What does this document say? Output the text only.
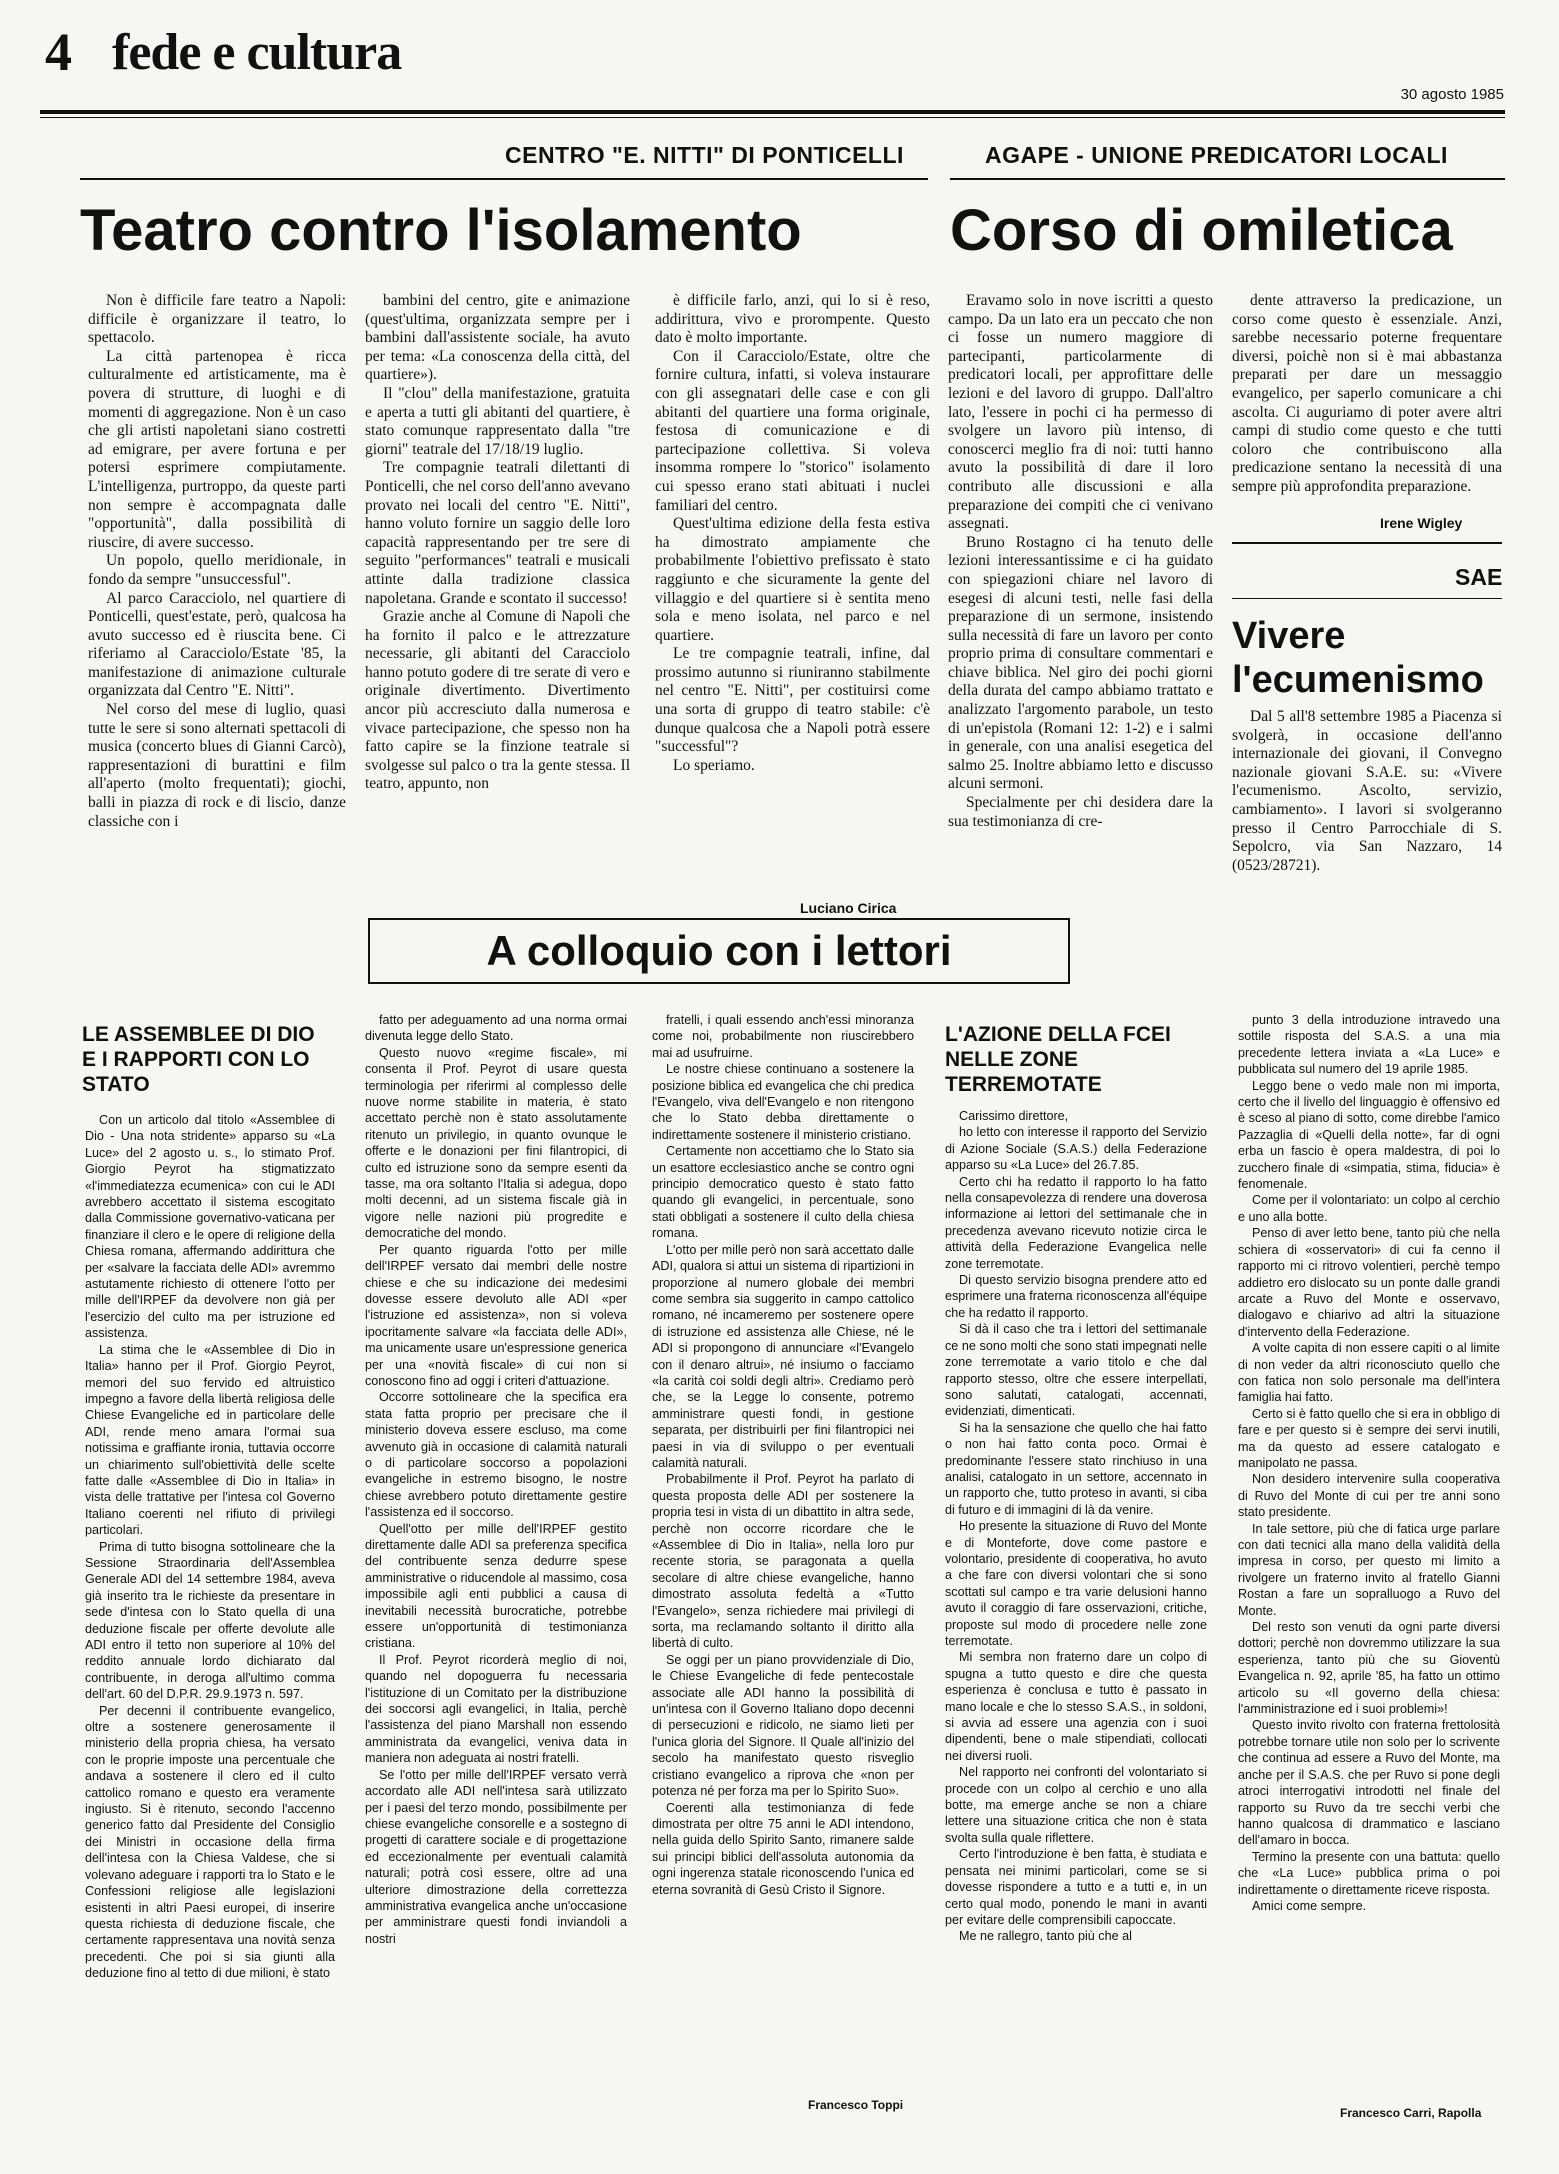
4 fede e cultura
30 agosto 1985
CENTRO "E. NITTI" DI PONTICELLI
Teatro contro l'isolamento

Non è difficile fare teatro a Napoli: difficile è organizzare il teatro, lo spettacolo.

La città partenopea è ricca culturalmente ed artisticamente, ma è povera di strutture, di luoghi e di momenti di aggregazione. Non è un caso che gli artisti napoletani siano costretti ad emigrare, per avere fortuna e per potersi esprimere compiutamente. L'intelligenza, purtroppo, da queste parti non sempre è accompagnata dalle "opportunità", dalla possibilità di riuscire, di avere successo.

Un popolo, quello meridionale, in fondo da sempre "unsuccessful".

Al parco Caracciolo, nel quartiere di Ponticelli, quest'estate, però, qualcosa ha avuto successo ed è riuscita bene. Ci riferiamo al Caracciolo/Estate '85, la manifestazione di animazione culturale organizzata dal Centro "E. Nitti".

Nel corso del mese di luglio, quasi tutte le sere si sono alternati spettacoli di musica (concerto blues di Gianni Carcò), rappresentazioni di burattini e film all'aperto (molto frequentati); giochi, balli in piazza di rock e di liscio, danze classiche con i

bambini del centro, gite e animazione (quest'ultima, organizzata sempre per i bambini dall'assistente sociale, ha avuto per tema: «La conoscenza della città, del quartiere»).

Il "clou" della manifestazione, gratuita e aperta a tutti gli abitanti del quartiere, è stato comunque rappresentato dalla "tre giorni" teatrale del 17/18/19 luglio.

Tre compagnie teatrali dilettanti di Ponticelli, che nel corso dell'anno avevano provato nei locali del centro "E. Nitti", hanno voluto fornire un saggio delle loro capacità rappresentando per tre sere di seguito "performances" teatrali e musicali attinte dalla tradizione classica napoletana. Grande e scontato il successo!

Grazie anche al Comune di Napoli che ha fornito il palco e le attrezzature necessarie, gli abitanti del Caracciolo hanno potuto godere di tre serate di vero e originale divertimento. Divertimento ancor più accresciuto dalla numerosa e vivace partecipazione, che spesso non ha fatto capire se la finzione teatrale si svolgesse sul palco o tra la gente stessa. Il teatro, appunto, non

è difficile farlo, anzi, qui lo si è reso, addirittura, vivo e prorompente. Questo dato è molto importante.

Con il Caracciolo/Estate, oltre che fornire cultura, infatti, si voleva instaurare con gli assegnatari delle case e con gli abitanti del quartiere una forma originale, festosa di comunicazione e di partecipazione collettiva. Si voleva insomma rompere lo "storico" isolamento cui spesso erano stati abituati i nuclei familiari del centro.

Quest'ultima edizione della festa estiva ha dimostrato ampiamente che probabilmente l'obiettivo prefissato è stato raggiunto e che sicuramente la gente del villaggio e del quartiere si è sentita meno sola e meno isolata, nel parco e nel quartiere.

Le tre compagnie teatrali, infine, dal prossimo autunno si riuniranno stabilmente nel centro "E. Nitti", per costituirsi come una sorta di gruppo di teatro stabile: c'è dunque qualcosa che a Napoli potrà essere "successful"?

Lo speriamo.

Luciano Cirica
AGAPE - UNIONE PREDICATORI LOCALI
Corso di omiletica

Eravamo solo in nove iscritti a questo campo. Da un lato era un peccato che non ci fosse un numero maggiore di partecipanti, particolarmente di predicatori locali, per approfittare delle lezioni e del lavoro di gruppo. Dall'altro lato, l'essere in pochi ci ha permesso di svolgere un lavoro più intenso, di conoscerci meglio fra di noi: tutti hanno avuto la possibilità di dare il loro contributo alle discussioni e alla preparazione dei compiti che ci venivano assegnati.

Bruno Rostagno ci ha tenuto delle lezioni interessantissime e ci ha guidato con spiegazioni chiare nel lavoro di esegesi di alcuni testi, nelle fasi della preparazione di un sermone, insistendo sulla necessità di fare un lavoro per conto proprio prima di consultare commentari e chiave biblica. Nel giro dei pochi giorni della durata del campo abbiamo trattato e analizzato l'argomento parabole, un testo di un'epistola (Romani 12: 1-2) e i salmi in generale, con una analisi esegetica del salmo 25. Inoltre abbiamo letto e discusso alcuni sermoni.

Specialmente per chi desidera dare la sua testimonianza di cre-

dente attraverso la predicazione, un corso come questo è essenziale. Anzi, sarebbe necessario poterne frequentare diversi, poichè non si è mai abbastanza preparati per dare un messaggio evangelico, per saperlo comunicare a chi ascolta. Ci auguriamo di poter avere altri campi di studio come questo e che tutti coloro che contribuiscono alla predicazione sentano la necessità di una sempre più approfondita preparazione.

Irene Wigley
SAE
Vivere
l'ecumenismo

Dal 5 all'8 settembre 1985 a Piacenza si svolgerà, in occasione dell'anno internazionale dei giovani, il Convegno nazionale giovani S.A.E. su: «Vivere l'ecumenismo. Ascolto, servizio, cambiamento». I lavori si svolgeranno presso il Centro Parrocchiale di S. Sepolcro, via San Nazzaro, 14 (0523/28721).

A colloquio con i lettori
LE ASSEMBLEE DI DIO E I RAPPORTI CON LO STATO

Con un articolo dal titolo «Assemblee di Dio - Una nota stridente» apparso su «La Luce» del 2 agosto u. s., lo stimato Prof. Giorgio Peyrot ha stigmatizzato «l'immediatezza ecumenica» con cui le ADI avrebbero accettato il sistema escogitato dalla Commissione governativo-vaticana per finanziare il clero e le opere di religione della Chiesa romana, affermando addirittura che per «salvare la facciata delle ADI» avremmo astutamente richiesto di ottenere l'otto per mille dell'IRPEF da devolvere non già per l'esercizio del culto ma per istruzione ed assistenza.

La stima che le «Assemblee di Dio in Italia» hanno per il Prof. Giorgio Peyrot, memori del suo fervido ed altruistico impegno a favore della libertà religiosa delle Chiese Evangeliche ed in particolare delle ADI, rende meno amara l'ormai sua notissima e graffiante ironia, tuttavia occorre un chiarimento sull'obiettività delle scelte fatte dalle «Assemblee di Dio in Italia» in vista delle trattative per l'intesa col Governo Italiano coerenti nel rifiuto di privilegi particolari.

Prima di tutto bisogna sottolineare che la Sessione Straordinaria dell'Assemblea Generale ADI del 14 settembre 1984, aveva già inserito tra le richieste da presentare in sede d'intesa con lo Stato quella di una deduzione fiscale per offerte devolute alle ADI entro il tetto non superiore al 10% del reddito annuale lordo dichiarato dal contribuente, in deroga all'ultimo comma dell'art. 60 del D.P.R. 29.9.1973 n. 597.

Per decenni il contribuente evangelico, oltre a sostenere generosamente il ministerio della propria chiesa, ha versato con le proprie imposte una percentuale che andava a sostenere il clero ed il culto cattolico romano e questo era veramente ingiusto. Si è ritenuto, secondo l'accenno generico fatto dal Presidente del Consiglio dei Ministri in occasione della firma dell'intesa con la Chiesa Valdese, che si volevano adeguare i rapporti tra lo Stato e le Confessioni religiose alle legislazioni esistenti in altri Paesi europei, di inserire questa richiesta di deduzione fiscale, che certamente rappresentava una novità senza precedenti. Che poi si sia giunti alla deduzione fino al tetto di due milioni, è stato

fatto per adeguamento ad una norma ormai divenuta legge dello Stato.

Questo nuovo «regime fiscale», mi consenta il Prof. Peyrot di usare questa terminologia per riferirmi al complesso delle nuove norme stabilite in materia, è stato accettato perchè non è stato assolutamente ritenuto un privilegio, in quanto ovunque le offerte e le donazioni per fini filantropici, di culto ed istruzione sono da sempre esenti da tasse, ma ora soltanto l'Italia si adegua, dopo molti decenni, ad un sistema fiscale già in vigore nelle nazioni più progredite e democratiche del mondo.

Per quanto riguarda l'otto per mille dell'IRPEF versato dai membri delle nostre chiese e che su indicazione dei medesimi dovesse essere devoluto alle ADI «per l'istruzione ed assistenza», non si voleva ipocritamente salvare «la facciata delle ADI», ma unicamente usare un'espressione generica per una «novità fiscale» di cui non si conoscono fino ad oggi i criteri d'attuazione.

Occorre sottolineare che la specifica era stata fatta proprio per precisare che il ministerio doveva essere escluso, ma come avvenuto già in occasione di calamità naturali o di particolare soccorso a popolazioni evangeliche in estremo bisogno, le nostre chiese avrebbero potuto direttamente gestire l'assistenza ed il soccorso.

Quell'otto per mille dell'IRPEF gestito direttamente dalle ADI sa preferenza specifica del contribuente senza dedurre spese amministrative o riducendole al massimo, cosa impossibile agli enti pubblici a causa di inevitabili necessità burocratiche, potrebbe essere un'opportunità di testimonianza cristiana.

Il Prof. Peyrot ricorderà meglio di noi, quando nel dopoguerra fu necessaria l'istituzione di un Comitato per la distribuzione dei soccorsi agli evangelici, in Italia, perchè l'assistenza del piano Marshall non essendo amministrata da evangelici, veniva data in maniera non adeguata ai nostri fratelli.

Se l'otto per mille dell'IRPEF versato verrà accordato alle ADI nell'intesa sarà utilizzato per i paesi del terzo mondo, possibilmente per chiese evangeliche consorelle e a sostegno di progetti di carattere sociale e di progettazione ed eccezionalmente per eventuali calamità naturali; potrà così essere, oltre ad una ulteriore dimostrazione della correttezza amministrativa evangelica anche un'occasione per amministrare questi fondi inviandoli a nostri

fratelli, i quali essendo anch'essi minoranza come noi, probabilmente non riuscirebbero mai ad usufruirne.

Le nostre chiese continuano a sostenere la posizione biblica ed evangelica che chi predica l'Evangelo, viva dell'Evangelo e non ritengono che lo Stato debba direttamente o indirettamente sostenere il ministerio cristiano.

Certamente non accettiamo che lo Stato sia un esattore ecclesiastico anche se contro ogni principio democratico questo è stato fatto quando gli evangelici, in percentuale, sono stati obbligati a sostenere il culto della chiesa romana.

L'otto per mille però non sarà accettato dalle ADI, qualora si attui un sistema di ripartizioni in proporzione al numero globale dei membri come sembra sia suggerito in campo cattolico romano, né incameremo per sostenere opere di istruzione ed assistenza alle Chiese, né le ADI si propongono di annunciare «l'Evangelo con il denaro altrui», né insiumo o facciamo «la carità coi soldi degli altri». Crediamo però che, se la Legge lo consente, potremo amministrare questi fondi, in gestione separata, per distribuirli per fini filantropici nei paesi in via di sviluppo o per eventuali calamità naturali.

Probabilmente il Prof. Peyrot ha parlato di questa proposta delle ADI per sostenere la propria tesi in vista di un dibattito in altra sede, perchè non occorre ricordare che le «Assemblee di Dio in Italia», nella loro pur recente storia, se paragonata a quella secolare di altre chiese evangeliche, hanno dimostrato assoluta fedeltà a «Tutto l'Evangelo», senza richiedere mai privilegi di sorta, ma reclamando soltanto il diritto alla libertà di culto.

Se oggi per un piano provvidenziale di Dio, le Chiese Evangeliche di fede pentecostale associate alle ADI hanno la possibilità di un'intesa con il Governo Italiano dopo decenni di persecuzioni e ridicolo, ne siamo lieti per l'unica gloria del Signore. Il Quale all'inizio del secolo ha manifestato questo risveglio cristiano evangelico a riprova che «non per potenza né per forza ma per lo Spirito Suo».

Coerenti alla testimonianza di fede dimostrata per oltre 75 anni le ADI intendono, nella guida dello Spirito Santo, rimanere salde sui principi biblici dell'assoluta autonomia da ogni ingerenza statale riconoscendo l'unica ed eterna sovranità di Gesù Cristo il Signore.

Francesco Toppi
L'AZIONE DELLA FCEI NELLE ZONE TERREMOTATE

Carissimo direttore,

ho letto con interesse il rapporto del Servizio di Azione Sociale (S.A.S.) della Federazione apparso su «La Luce» del 26.7.85.

Certo chi ha redatto il rapporto lo ha fatto nella consapevolezza di rendere una doverosa informazione ai lettori del settimanale che in precedenza avevano ricevuto notizie circa le attività della Federazione Evangelica nelle zone terremotate.

Di questo servizio bisogna prendere atto ed esprimere una fraterna riconoscenza all'équipe che ha redatto il rapporto.

Si dà il caso che tra i lettori del settimanale ce ne sono molti che sono stati impegnati nelle zone terremotate a vario titolo e che dal rapporto stesso, oltre che essere interpellati, sono salutati, catalogati, accennati, evidenziati, dimenticati.

Si ha la sensazione che quello che hai fatto o non hai fatto conta poco. Ormai è predominante l'essere stato rinchiuso in una analisi, catalogato in un settore, accennato in un rapporto che, tutto proteso in avanti, si ciba di futuro e di immagini di là da venire.

Ho presente la situazione di Ruvo del Monte e di Monteforte, dove come pastore e volontario, presidente di cooperativa, ho avuto a che fare con diversi volontari che si sono scottati sul campo e tra varie delusioni hanno avuto il coraggio di fare osservazioni, critiche, proposte sul modo di procedere nelle zone terremotate.

Mi sembra non fraterno dare un colpo di spugna a tutto questo e dire che questa esperienza è conclusa e tutto è passato in mano locale e che lo stesso S.A.S., in soldoni, si avvia ad essere una agenzia con i suoi dipendenti, bene o male stipendiati, collocati nei diversi ruoli.

Nel rapporto nei confronti del volontariato si procede con un colpo al cerchio e uno alla botte, ma emerge anche se non a chiare lettere una situazione critica che non è stata svolta sulla quale riflettere.

Certo l'introduzione è ben fatta, è studiata e pensata nei minimi particolari, come se si dovesse rispondere a tutto e a tutti e, in un certo qual modo, ponendo le mani in avanti per evitare delle comprensibili capoccate.

Me ne rallegro, tanto più che al

punto 3 della introduzione intravedo una sottile risposta del S.A.S. a una mia precedente lettera inviata a «La Luce» e pubblicata sul numero del 19 aprile 1985.

Leggo bene o vedo male non mi importa, certo che il livello del linguaggio è offensivo ed è sceso al piano di sotto, come direbbe l'amico Pazzaglia di «Quelli della notte», far di ogni erba un fascio è opera maldestra, di poi lo zucchero finale di «simpatia, stima, fiducia» è fenomenale.

Come per il volontariato: un colpo al cerchio e uno alla botte.

Penso di aver letto bene, tanto più che nella schiera di «osservatori» di cui fa cenno il rapporto mi ci ritrovo volentieri, perchè tempo addietro ero dislocato su un ponte dalle grandi arcate a Ruvo del Monte e osservavo, dialogavo e chiarivo ad altri la situazione d'intervento della Federazione.

A volte capita di non essere capiti o al limite di non veder da altri riconosciuto quello che con fatica non solo personale ma dell'intera famiglia hai fatto.

Certo si è fatto quello che si era in obbligo di fare e per questo si è sempre dei servi inutili, ma da questo ad essere catalogato e manipolato ne passa.

Non desidero intervenire sulla cooperativa di Ruvo del Monte di cui per tre anni sono stato presidente.

In tale settore, più che di fatica urge parlare con dati tecnici alla mano della validità della impresa in corso, per questo mi limito a rivolgere un fraterno invito al fratello Gianni Rostan a fare un sopralluogo a Ruvo del Monte.

Del resto son venuti da ogni parte diversi dottori; perchè non dovremmo utilizzare la sua esperienza, tanto più che su Gioventù Evangelica n. 92, aprile '85, ha fatto un ottimo articolo su «Il governo della chiesa: l'amministrazione ed i suoi problemi»!

Questo invito rivolto con fraterna frettolosità potrebbe tornare utile non solo per lo scrivente che continua ad essere a Ruvo del Monte, ma anche per il S.A.S. che per Ruvo si pone degli atroci interrogativi introdotti nel finale del rapporto su Ruvo da tre secchi verbi che hanno qualcosa di drammatico e lasciano dell'amaro in bocca.

Termino la presente con una battuta: quello che «La Luce» pubblica prima o poi indirettamente o direttamente riceve risposta.

Amici come sempre.

Francesco Carri, Rapolla
